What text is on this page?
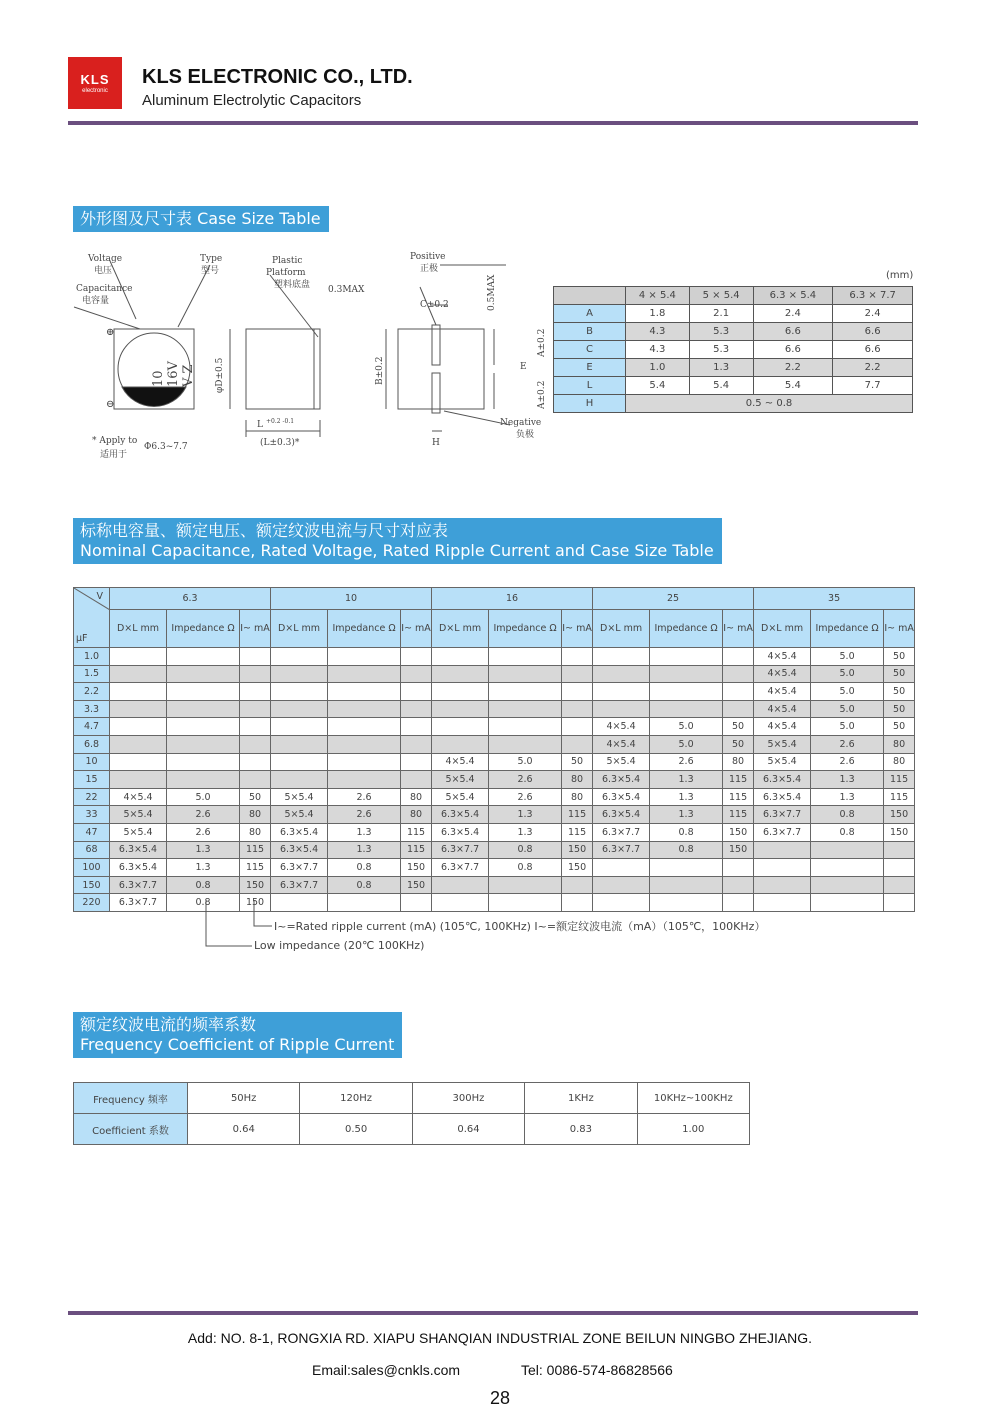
KLS
electronic
KLS ELECTRONIC CO., LTD.
Aluminum Electrolytic Capacitors
外形图及尺寸表 Case Size Table
Voltage
电压
Type
型号
Plastic
Platform
塑料底盘 0.3MAX
Capacitance
电容量
⊕
⊖
Positive
正极
C±0.2
Negative
负极
L +0.2 -0.1
(L±0.3)*	H
E
10 16V V Z φD±0.5	B±0.2
0.5MAX
A±0.2
A±0.2
* Apply to
Φ6.3~7.7
适用于
(mm)
	4 × 5.4	5 × 5.4	6.3 × 5.4	6.3 × 7.7
A	1.8	2.1	2.4	2.4
B	4.3	5.3	6.6	6.6
C	4.3	5.3	6.6	6.6
E	1.0	1.3	2.2	2.2
L	5.4	5.4	5.4	7.7
H	0.5 ~ 0.8			
标称电容量、额定电压、额定纹波电流与尺寸对应表
Nominal Capacitance, Rated Voltage, Rated Ripple Current and Case Size Table
V
μF	6.3			10			16			25			35		
	D×L mm	Impedance Ω	I~ mA	D×L mm	Impedance Ω	I~ mA	D×L mm	Impedance Ω	I~ mA	D×L mm	Impedance Ω	I~ mA	D×L mm	Impedance Ω	I~ mA
1.0													4×5.4	5.0	50
1.5													4×5.4	5.0	50
2.2													4×5.4	5.0	50
3.3													4×5.4	5.0	50
4.7										4×5.4	5.0	50	4×5.4	5.0	50
6.8										4×5.4	5.0	50	5×5.4	2.6	80
10							4×5.4	5.0	50	5×5.4	2.6	80	5×5.4	2.6	80
15							5×5.4	2.6	80	6.3×5.4	1.3	115	6.3×5.4	1.3	115
22	4×5.4	5.0	50	5×5.4	2.6	80	5×5.4	2.6	80	6.3×5.4	1.3	115	6.3×5.4	1.3	115
33	5×5.4	2.6	80	5×5.4	2.6	80	6.3×5.4	1.3	115	6.3×5.4	1.3	115	6.3×7.7	0.8	150
47	5×5.4	2.6	80	6.3×5.4	1.3	115	6.3×5.4	1.3	115	6.3×7.7	0.8	150	6.3×7.7	0.8	150
68	6.3×5.4	1.3	115	6.3×5.4	1.3	115	6.3×7.7	0.8	150	6.3×7.7	0.8	150			
100	6.3×5.4	1.3	115	6.3×7.7	0.8	150	6.3×7.7	0.8	150						
150	6.3×7.7	0.8	150	6.3×7.7	0.8	150									
220	6.3×7.7	0.8	150												
I~=Rated ripple current (mA) (105℃, 100KHz) I~=额定纹波电流（mA）（105℃，100KHz）
Low impedance (20℃ 100KHz)
额定纹波电流的频率系数
Frequency Coefficient of Ripple Current
Frequency 频率	50Hz	120Hz	300Hz	1KHz	10KHz~100KHz
Coefficient 系数	0.64	0.50	0.64	0.83	1.00
Add: NO. 8-1, RONGXIA RD. XIAPU SHANQIAN INDUSTRIAL ZONE BEILUN NINGBO ZHEJIANG.
Email:sales@cnkls.com	Tel: 0086-574-86828566
28
